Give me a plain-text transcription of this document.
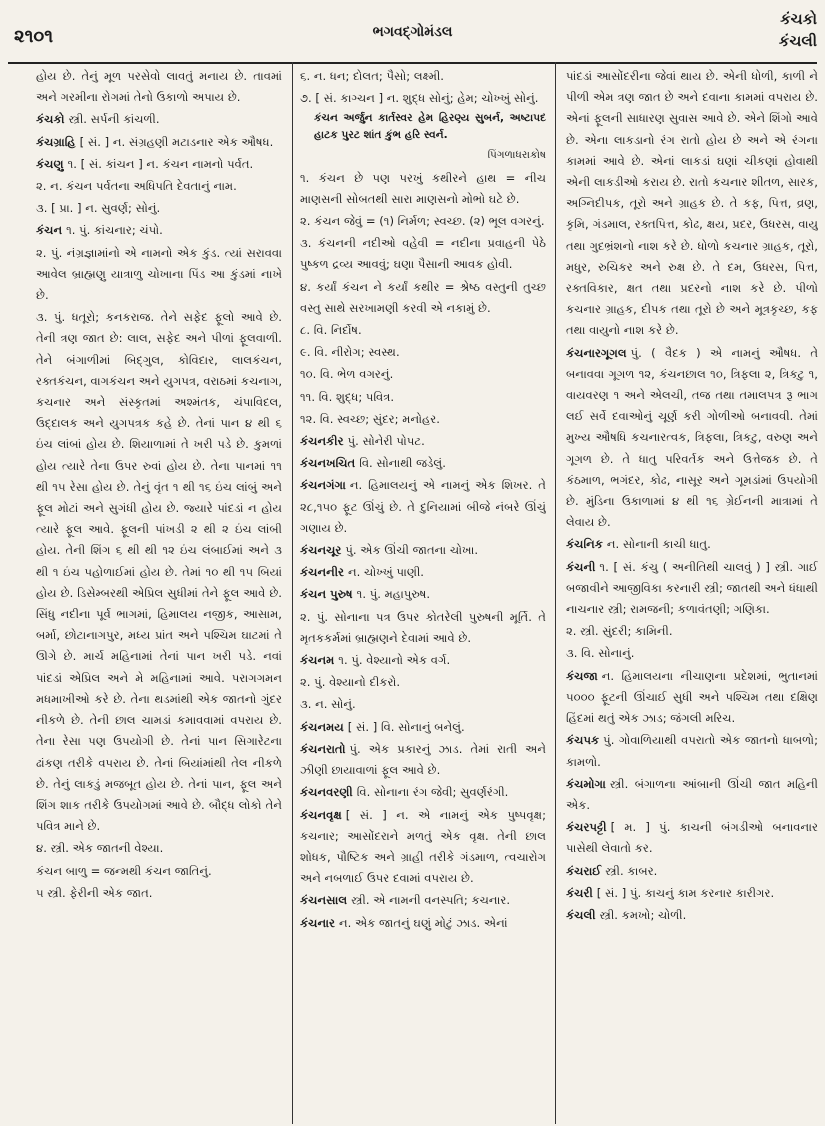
૨૧૦૧	ભગવદ્ગોમંડલ
કંચકો
કંચલી
હોય છે. તેનું મૂળ પરસેવો લાવતું મનાય છે. તાવમાં અને ગરમીના રોગમાં તેનો ઉકાળો અપાય છે.
કંચકો સ્ત્રી. સર્પની કાંચળી.
કંચગ્રાહિ [ સં. ] ન. સંગ્રહણી મટાડનાર એક ઔષધ.
કંચણુ ૧. [ સં. કાંચન ] ન. કંચન નામનો પર્વત.
૨. ન. કંચન પર્વતના અધિપતિ દેવતાનું નામ.
૩. [ પ્રા. ] ન. સુવર્ણ; સોનું.
કંચન ૧. પું. કાંચનાર; ચંપો.
૨. પું. નંગ્રજ્ઞામાંનો એ નામનો એક કુંડ. ત્યાં સરાવવા આવેલ બ્રાહ્મણુ યાત્રાળુ ચોખાના પિંડ આ કુંડમાં નાખે છે.
૩. પું. ધતૂરો; કનકરાજ. તેને સફેદ ફૂલો આવે છે. તેની ત્રણ જાત છે: લાલ, સફેદ અને પીળાં ફૂલવાળી. તેને બંગાળીમાં બિદ્ગુલ, કોવિદાર, લાલકંચન, રક્તકંચન, વાગકંચન અને યુગપત્ર, વરાઠમાં કચનાગ, કચનાર અને સંસ્કૃતમાં અશ્મંતક, ચંપાવિદલ, ઉદ્દાલક અને યુગપત્રક કહે છે. તેનાં પાન ૪ થી ૬ ઇંચ લાંબાં હોય છે. શિયાળામાં તે ખરી પડે છે. કુમળાં હોય ત્યારે તેના ઉપર રુવાં હોય છે. તેના પાનમાં ૧૧ થી ૧૫ રેસા હોય છે. તેનું વૃંત ૧ થી ૧૬ ઇંચ લાંબું અને ફૂલ મોટાં અને સુગંધી હોય છે. જ્યારે પાંદડાં ન હોય ત્યારે ફૂલ આવે. ફૂલની પાંખડી ૨ થી ૨ ઇંચ લાંબી હોય. તેની શિંગ ૬ થી થી ૧૨ ઇંચ લંબાઈમાં અને ૩ થી ૧ ઇંચ પહોળાઈમાં હોય છે. તેમાં ૧૦ થી ૧૫ બિયાં હોય છે. ડિસેમ્બરથી એપ્રિલ સુધીમાં તેને ફૂલ આવે છે. સિંધુ નદીના પૂર્વ ભાગમાં, હિમાલય નજીક, આસામ, બર્મા, છોટાનાગપુર, મધ્ય પ્રાંત અને પશ્ચિમ ઘાટમાં તે ઊગે છે. માર્ચ મહિનામાં તેનાં પાન ખરી પડે. નવાં પાંદડાં એપ્રિલ અને મે મહિનામાં આવે. પરાગગમન મધમાખીઓ કરે છે. તેના થડમાંથી એક જાતનો ગુંદર નીકળે છે. તેની છાલ ચામડાં કમાવવામાં વપરાય છે. તેના રેસા પણ ઉપયોગી છે. તેનાં પાન સિગારેટના ઢાંકણ તરીકે વપરાય છે. તેનાં બિયાંમાંથી તેલ નીકળે છે. તેનું લાકડું મજબૂત હોય છે. તેનાં પાન, ફૂલ અને શિંગ શાક તરીકે ઉપયોગમાં આવે છે. બૌદ્ધ લોકો તેને પવિત્ર માને છે.
૪. સ્ત્રી. એક જાતની વેશ્યા.
કંચન બાળુ = જન્મથી કંચન જાતિનું.
૫ સ્ત્રી. ફેરીની એક જાત.
૬. ન. ધન; દોલત; પૈસો; લક્ષ્મી.
૭. [ સં. કાગ્ચન ] ન. શુદ્ધ સોનું; હેમ; ચોખ્ખું સોનું.
કંચન અર્જુન કાર્તસ્વર હેમ હિરણ્ય સુબર્ન, અષ્ટાપદ હાટક પુરટ શાંત કુંભ હરિ સ્વર્ન.
પિંગળાધરાકોષ
૧. કંચન છે પણ પરખું કથીરને હાથ = નીચ માણસની સોબતથી સારા માણસનો મોભો ઘટે છે.
૨. કંચન જેવું = (૧) નિર્મળ; સ્વચ્છ. (૨) ભૂલ વગરનું.
૩. કંચનની નદીઓ વહેવી = નદીના પ્રવાહની પેઠે પુષ્કળ દ્રવ્ય આવવું; ઘણા પૈસાની આવક હોવી.
૪. કર્યાં કંચન ને કર્યાં કથીર = શ્રેષ્ઠ વસ્તુની તુચ્છ વસ્તુ સાથે સરખામણી કરવી એ નકામું છે.
૮. વિ. નિર્દોષ.
૯. વિ. નીરોગ; સ્વસ્થ.
૧૦. વિ. ભેળ વગરનું.
૧૧. વિ. શુદ્ધ; પવિત્ર.
૧૨. વિ. સ્વચ્છ; સુંદર; મનોહર.
કંચનકીર પું. સોનેરી પોપટ.
કંચનખચિત વિ. સોનાથી જડેલું.
કંચનગંગા ન. હિમાલયનું એ નામનું એક શિખર. તે ૨૮,૧૫૦ ફૂટ ઊંચું છે. તે દુનિયામાં બીજે નંબરે ઊંચું ગણાય છે.
કંચનચૂર પું. એક ઊંચી જાતના ચોખા.
કંચનનીર ન. ચોખ્ખું પાણી.
કંચન પુરુષ ૧. પું. મહાપુરુષ.
૨. પું. સોનાના પત્ર ઉપર કોતરેલી પુરુષની મૂર્તિ. તે મૃતકકર્મમાં બ્રાહ્મણને દેવામાં આવે છે.
કંચનમ ૧. પું. વેશ્યાનો એક વર્ગ.
૨. પું. વેશ્યાનો દીકરો.
૩. ન. સોનું.
કંચનમય [ સં. ] વિ. સોનાનું બનેલું.
કંચનરાતો પું. એક પ્રકારનું ઝાડ. તેમાં રાતી અને ઝીણી છાયાવાળાં ફૂલ આવે છે.
કંચનવરણી વિ. સોનાના રંગ જેવી; સુવર્ણરંગી.
કંચનવૃક્ષ [ સં. ] ન. એ નામનું એક પુષ્પવૃક્ષ; કચનાર; આસોંદરાને મળતું એક વૃક્ષ. તેની છાલ શોધક, પૌષ્ટિક અને ગ્રાહી તરીકે ગંડમાળ, ત્વચારોગ અને નબળાઈ ઉપર દવામાં વપરાય છે.
કંચનસાલ સ્ત્રી. એ નામની વનસ્પતિ; કચનાર.
કંચનાર ન. એક જાતનું ઘણું મોટું ઝાડ. એનાં
પાંદડાં આસોંદરીના જેવાં થાય છે. એની ધોળી, કાળી ને પીળી એમ ત્રણ જાત છે અને દવાના કામમાં વપરાય છે. એનાં ફૂલની સાધારણ સુવાસ આવે છે. એને શિંગો આવે છે. એના લાકડાનો રંગ રાતો હોય છે અને એ રંગના કામમાં આવે છે. એનાં લાકડાં ઘણાં ચીકણાં હોવાથી એની લાકડીઓ કરાય છે. રાતો કચનાર શીતળ, સારક, અગ્નિદીપક, તૂરો અને ગ્રાહક છે. તે કફ, પિત્ત, વ્રણ, કૃમિ, ગંડમાલ, રક્તપિત્ત, કોઢ, ક્ષય, પ્રદર, ઉધરસ, વાયુ તથા ગુદભ્રંશનો નાશ કરે છે. ધોળો કચનાર ગ્રાહક, તૂરો, મધુર, રુચિકર અને રુક્ષ છે. તે દમ, ઉધરસ, પિત્ત, રક્તવિકાર, ક્ષત તથા પ્રદરનો નાશ કરે છે. પીળો કચનાર ગ્રાહક, દીપક તથા તૂરો છે અને મૂત્રકૃચ્છ, કફ તથા વાયુનો નાશ કરે છે.
કંચનારગૂગલ પું. ( વૈદક ) એ નામનું ઔષધ. તે બનાવવા ગૂગળ ૧૨, કંચનછાલ ૧૦, ત્રિફલા ૨, ત્રિકટુ ૧, વાયવરણ ૧ અને એલચી, તજ તથા તમાલપત્ર રૂ ભાગ લઈ સર્વે દવાઓનું ચૂર્ણ કરી ગોળીઓ બનાવવી. તેમાં મુખ્ય ઔષધિ કચનારત્વક, ત્રિફલા, ત્રિકટુ, વરુણ અને ગૂગળ છે. તે ધાતુ પરિવર્તક અને ઉત્તેજક છે. તે કંઠમાળ, ભગંદર, કોઢ, નાસૂર અને ગૂમડાંમાં ઉપયોગી છે. મુંડિના ઉકાળામાં ૪ થી ૧૬ ગ્રેઈનની માત્રામાં તે લેવાય છે.
કંચનિક ન. સોનાની કાચી ધાતુ.
કંચની ૧. [ સં. કંચુ ( અનીતિથી ચાલવું ) ] સ્ત્રી. ગાઈ બજાવીને આજીવિકા કરનારી સ્ત્રી; જાતથી અને ધંધાથી નાચનાર સ્ત્રી; રામજની; કળાવંતણી; ગણિકા.
૨. સ્ત્રી. સુંદરી; કામિની.
૩. વિ. સોનાનું.
કંચજા ન. હિમાલયના નીચાણના પ્રદેશમાં, ભુતાનમાં ૫૦૦૦ ફૂટની ઊંચાઈ સુધી અને પશ્ચિમ તથા દક્ષિણ હિંદમાં થતું એક ઝાડ; જંગલી મરિચ.
કંચપક પું. ગોવાળિયાથી વપરાતો એક જાતનો ધાબળો; કામળો.
કંચમોગા સ્ત્રી. બંગાળના આંબાની ઊંચી જાત મહિની એક.
કંચરપટ્ટી [ મ. ] પું. કાચની બંગડીઓ બનાવનાર પાસેથી લેવાતો કર.
કંચરાઈ સ્ત્રી. કાબર.
કંચરી [ સં. ] પું. કાચનું કામ કરનાર કારીગર.
કંચલી સ્ત્રી. કમખો; ચોળી.
